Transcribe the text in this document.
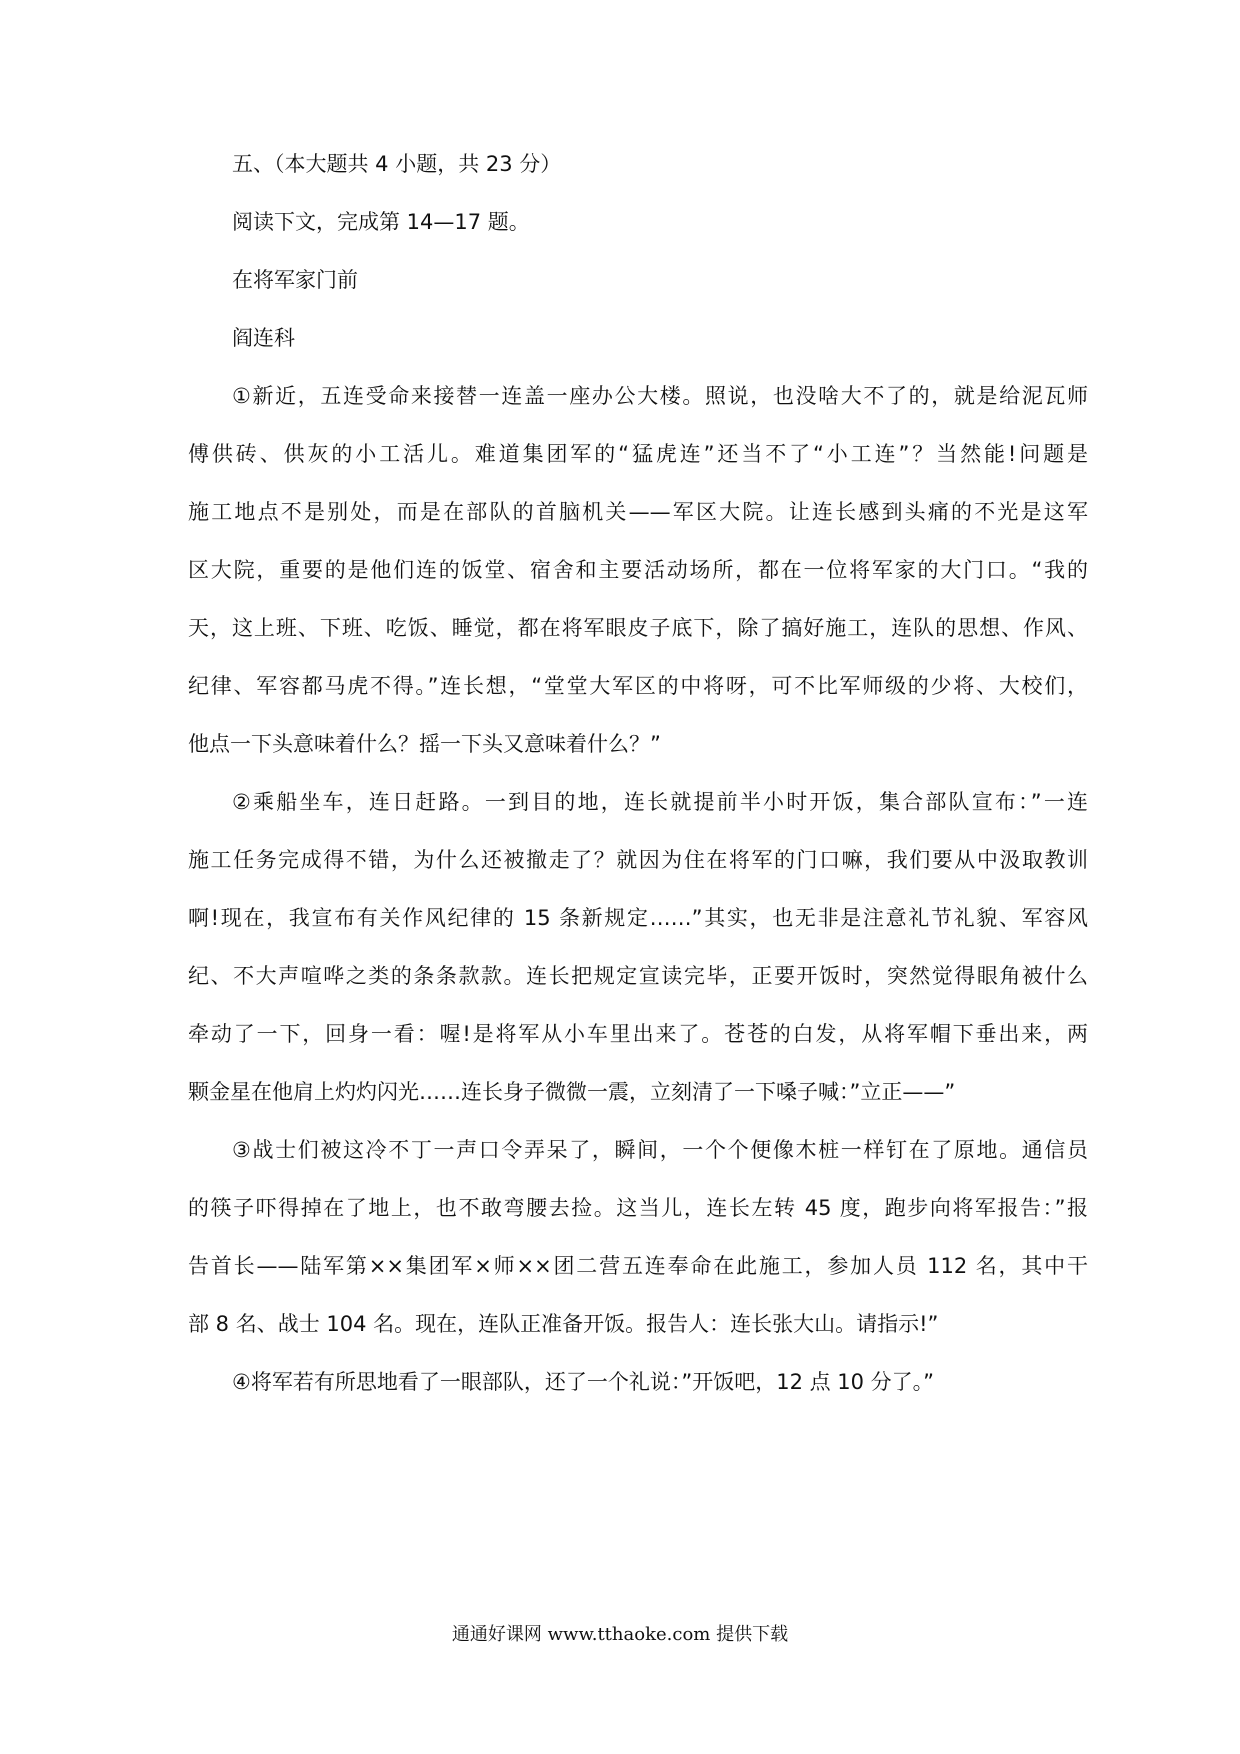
五、（本大题共 4 小题，共 23 分）

阅读下文，完成第 14—17 题。

在将军家门前

阎连科

①新近，五连受命来接替一连盖一座办公大楼。照说，也没啥大不了的，就是给泥瓦师

傅供砖、供灰的小工活儿。难道集团军的“猛虎连”还当不了“小工连”？当然能!问题是

施工地点不是别处，而是在部队的首脑机关——军区大院。让连长感到头痛的不光是这军

区大院，重要的是他们连的饭堂、宿舍和主要活动场所，都在一位将军家的大门口。“我的

天，这上班、下班、吃饭、睡觉，都在将军眼皮子底下，除了搞好施工，连队的思想、作风、

纪律、军容都马虎不得。”连长想，“堂堂大军区的中将呀，可不比军师级的少将、大校们，

他点一下头意味着什么？摇一下头又意味着什么？”

②乘船坐车，连日赶路。一到目的地，连长就提前半小时开饭，集合部队宣布：”一连

施工任务完成得不错，为什么还被撤走了？就因为住在将军的门口嘛，我们要从中汲取教训

啊!现在，我宣布有关作风纪律的 15 条新规定……”其实，也无非是注意礼节礼貌、军容风

纪、不大声喧哗之类的条条款款。连长把规定宣读完毕，正要开饭时，突然觉得眼角被什么

牵动了一下，回身一看：喔!是将军从小车里出来了。苍苍的白发，从将军帽下垂出来，两

颗金星在他肩上灼灼闪光……连长身子微微一震，立刻清了一下嗓子喊：”立正——”

③战士们被这冷不丁一声口令弄呆了，瞬间，一个个便像木桩一样钉在了原地。通信员

的筷子吓得掉在了地上，也不敢弯腰去捡。这当儿，连长左转 45 度，跑步向将军报告：”报

告首长——陆军第××集团军×师××团二营五连奉命在此施工，参加人员 112 名，其中干

部 8 名、战士 104 名。现在，连队正准备开饭。报告人：连长张大山。请指示!”

④将军若有所思地看了一眼部队，还了一个礼说：”开饭吧，12 点 10 分了。”

通通好课网 www.tthaoke.com 提供下载
